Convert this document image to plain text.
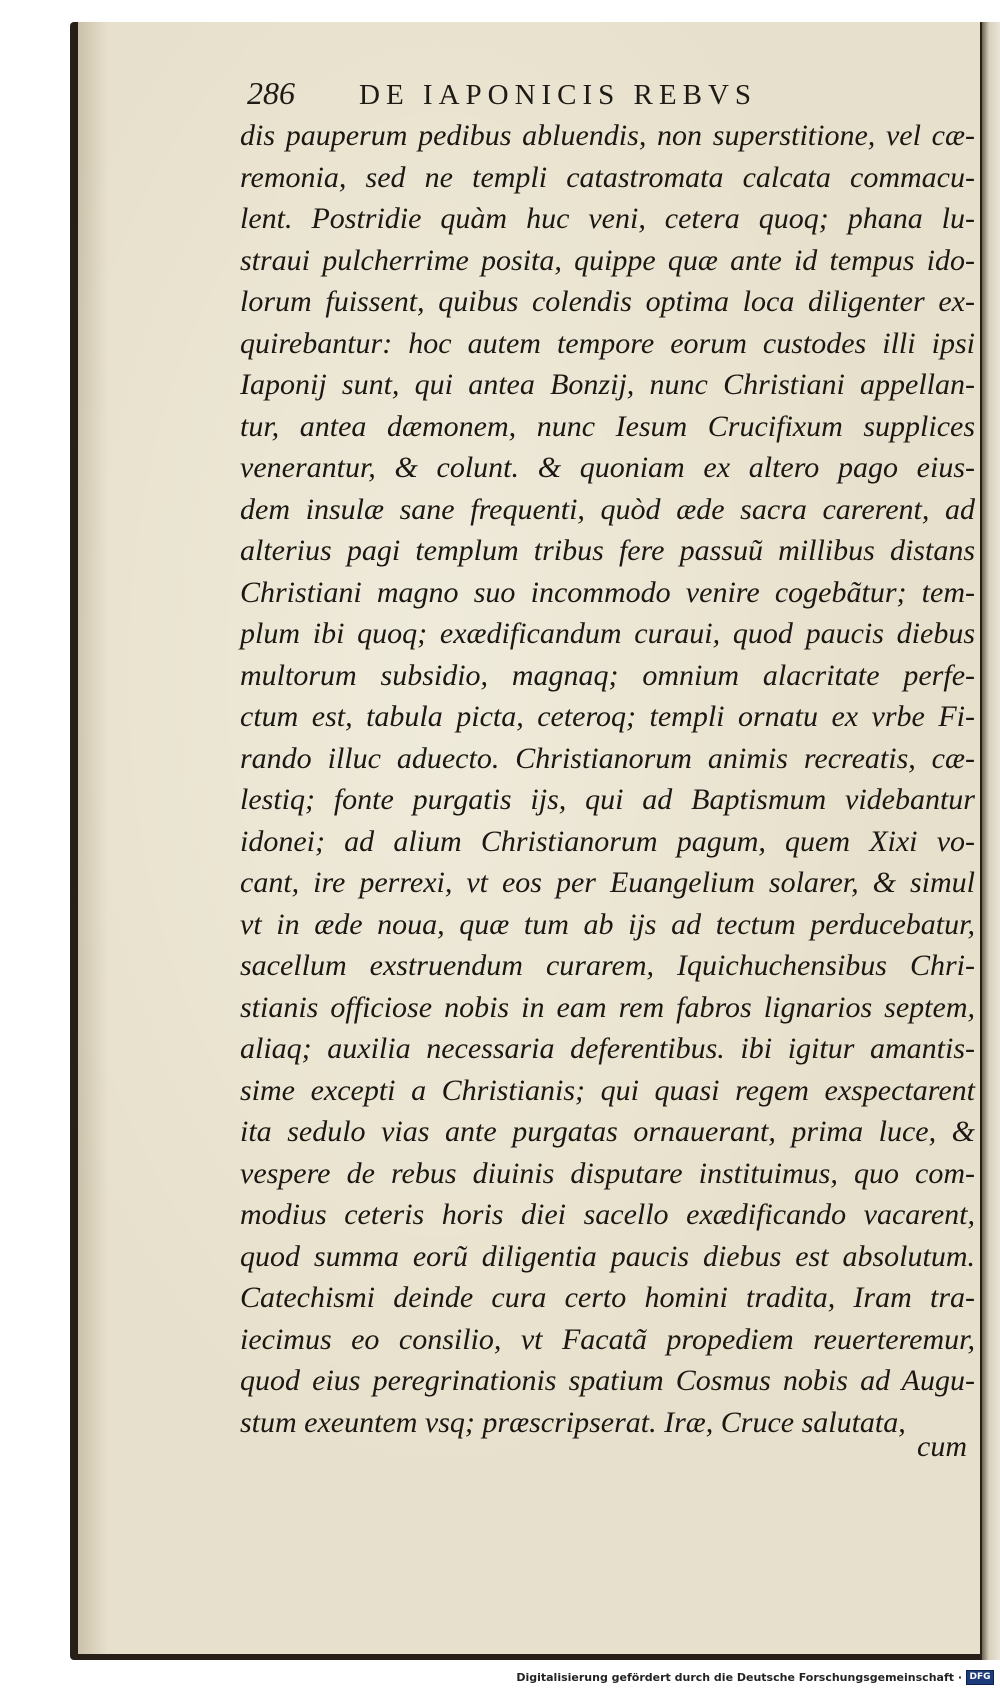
286	DE IAPONICIS REBVS
dis pauperum pedibus abluendis, non superstitione, vel cæ-
remonia, sed ne templi catastromata calcata commacu-
lent. Postridie quàm huc veni, cetera quoq; phana lu-
straui pulcherrime posita, quippe quæ ante id tempus ido-
lorum fuissent, quibus colendis optima loca diligenter ex-
quirebantur: hoc autem tempore eorum custodes illi ipsi
Iaponij sunt, qui antea Bonzij, nunc Christiani appellan-
tur, antea dæmonem, nunc Iesum Crucifixum supplices
venerantur, & colunt. & quoniam ex altero pago eius-
dem insulæ sane frequenti, quòd æde sacra carerent, ad
alterius pagi templum tribus fere passuũ millibus distans
Christiani magno suo incommodo venire cogebãtur; tem-
plum ibi quoq; exædificandum curaui, quod paucis diebus
multorum subsidio, magnaq; omnium alacritate perfe-
ctum est, tabula picta, ceteroq; templi ornatu ex vrbe Fi-
rando illuc aduecto. Christianorum animis recreatis, cæ-
lestiq; fonte purgatis ijs, qui ad Baptismum videbantur
idonei; ad alium Christianorum pagum, quem Xixi vo-
cant, ire perrexi, vt eos per Euangelium solarer, & simul
vt in æde noua, quæ tum ab ijs ad tectum perducebatur,
sacellum exstruendum curarem, Iquichuchensibus Chri-
stianis officiose nobis in eam rem fabros lignarios septem,
aliaq; auxilia necessaria deferentibus. ibi igitur amantis-
sime excepti a Christianis; qui quasi regem exspectarent
ita sedulo vias ante purgatas ornauerant, prima luce, &
vespere de rebus diuinis disputare instituimus, quo com-
modius ceteris horis diei sacello exædificando vacarent,
quod summa eorũ diligentia paucis diebus est absolutum.
Catechismi deinde cura certo homini tradita, Iram tra-
iecimus eo consilio, vt Facatã propediem reuerteremur,
quod eius peregrinationis spatium Cosmus nobis ad Augu-
stum exeuntem vsq; præscripserat. Iræ, Cruce salutata,
cum
Digitalisierung gefördert durch die Deutsche Forschungsgemeinschaft · DFG
